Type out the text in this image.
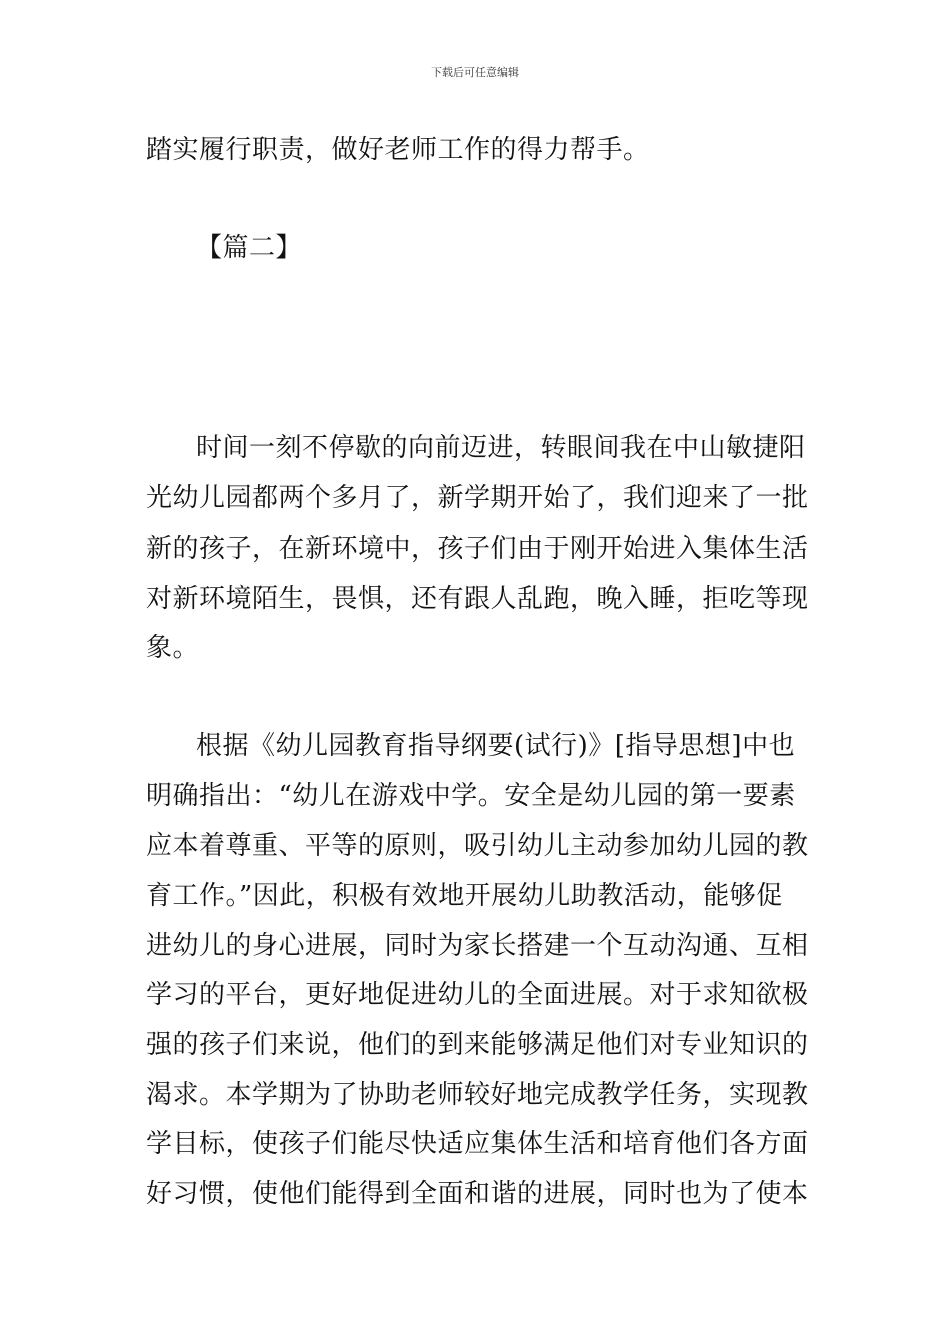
下载后可任意编辑

踏实履行职责，做好老师工作的得力帮手。

【篇二】

时间一刻不停歇的向前迈进，转眼间我在中山敏捷阳

光幼儿园都两个多月了，新学期开始了，我们迎来了一批

新的孩子，在新环境中，孩子们由于刚开始进入集体生活

对新环境陌生，畏惧，还有跟人乱跑，晚入睡，拒吃等现

象。

根据《幼儿园教育指导纲要(试行)》[指导思想]中也

明确指出：“幼儿在游戏中学。安全是幼儿园的第一要素

应本着尊重、平等的原则，吸引幼儿主动参加幼儿园的教

育工作。”因此，积极有效地开展幼儿助教活动，能够促

进幼儿的身心进展，同时为家长搭建一个互动沟通、互相

学习的平台，更好地促进幼儿的全面进展。对于求知欲极

强的孩子们来说，他们的到来能够满足他们对专业知识的

渴求。本学期为了协助老师较好地完成教学任务，实现教

学目标，使孩子们能尽快适应集体生活和培育他们各方面

好习惯，使他们能得到全面和谐的进展，同时也为了使本
